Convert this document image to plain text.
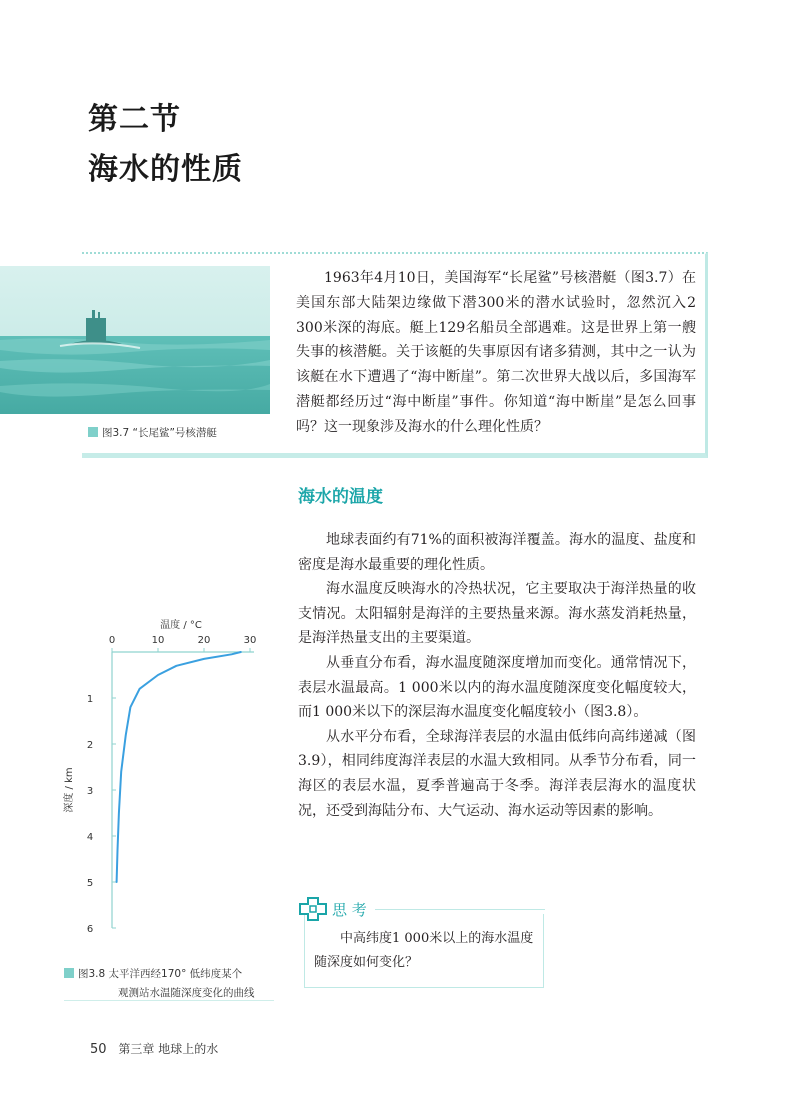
第二节
海水的性质
图3.7 “长尾鲨”号核潜艇

1963年4月10日，美国海军“长尾鲨”号核潜艇（图3.7）在美国东部大陆架边缘做下潜300米的潜水试验时，忽然沉入2 300米深的海底。艇上129名船员全部遇难。这是世界上第一艘失事的核潜艇。关于该艇的失事原因有诸多猜测，其中之一认为该艇在水下遭遇了“海中断崖”。第二次世界大战以后，多国海军潜艇都经历过“海中断崖”事件。你知道“海中断崖”是怎么回事吗？这一现象涉及海水的什么理化性质？

海水的温度

地球表面约有71%的面积被海洋覆盖。海水的温度、盐度和密度是海水最重要的理化性质。

海水温度反映海水的冷热状况，它主要取决于海洋热量的收支情况。太阳辐射是海洋的主要热量来源。海水蒸发消耗热量，是海洋热量支出的主要渠道。

从垂直分布看，海水温度随深度增加而变化。通常情况下，表层水温最高。1 000米以内的海水温度随深度变化幅度较大，而1 000米以下的深层海水温度变化幅度较小（图3.8）。

从水平分布看，全球海洋表层的水温由低纬向高纬递减（图3.9），相同纬度海洋表层的水温大致相同。从季节分布看，同一海区的表层水温，夏季普遍高于冬季。海洋表层海水的温度状况，还受到海陆分布、大气运动、海水运动等因素的影响。

0	10	20	30
1
2
3
4
5
6
温度 / °C
深度 / km
图3.8 太平洋西经170° 低纬度某个
观测站水温随深度变化的曲线
思 考

中高纬度1 000米以上的海水温度随深度如何变化？

50 第三章 地球上的水
